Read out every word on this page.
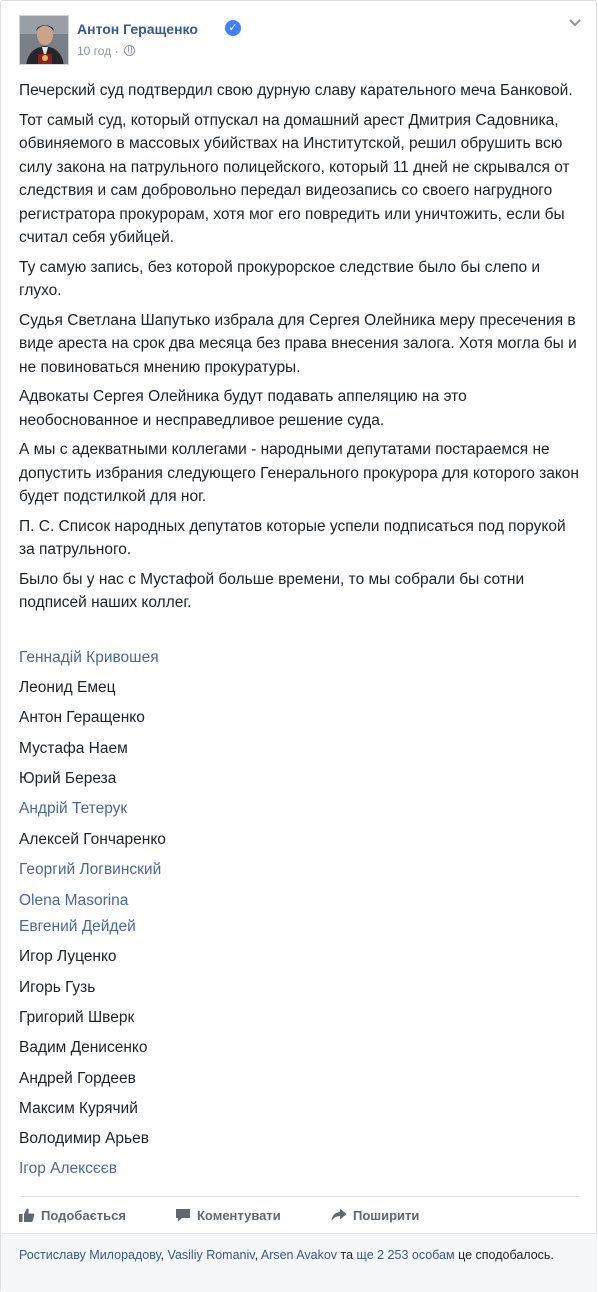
Антон Геращенко	✓
10 год ·

Печерский суд подтвердил свою дурную славу карательного меча Банковой.

Тот самый суд, который отпускал на домашний арест Дмитрия Садовника, обвиняемого в массовых убийствах на Институтской, решил обрушить всю силу закона на патрульного полицейского, который 11 дней не скрывался от следствия и сам добровольно передал видеозапись со своего нагрудного регистратора прокурорам, хотя мог его повредить или уничтожить, если бы считал себя убийцей.

Ту самую запись, без которой прокурорское следствие было бы слепо и глухо.

Судья Светлана Шапутько избрала для Сергея Олейника меру пресечения в виде ареста на срок два месяца без права внесения залога. Хотя могла бы и не повиноваться мнению прокуратуры.

Адвокаты Сергея Олейника будут подавать аппеляцию на это необоснованное и несправедливое решение суда.

А мы с адекватными коллегами - народными депутатами постараемся не допустить избрания следующего Генерального прокурора для которого закон будет подстилкой для ног.

П. С. Список народных депутатов которые успели подписаться под порукой за патрульного.

Было бы у нас с Мустафой больше времени, то мы собрали бы сотни подписей наших коллег.

Геннадій Кривошея
Леонид Емец
Антон Геращенко
Мустафа Наем
Юрий Береза
Андрій Тетерук
Алексей Гончаренко
Георгий Логвинский
Olena Masorina
Евгений Дейдей
Игор Луценко
Игорь Гузь
Григорий Шверк
Вадим Денисенко
Андрей Гордеев
Максим Курячий
Володимир Арьев
Ігор Алексєєв
Подобається	Коментувати	Поширити
Ростиславу Милорадову, Vasiliy Romaniv, Arsen Avakov та ще 2 253 особам це сподобалось.
